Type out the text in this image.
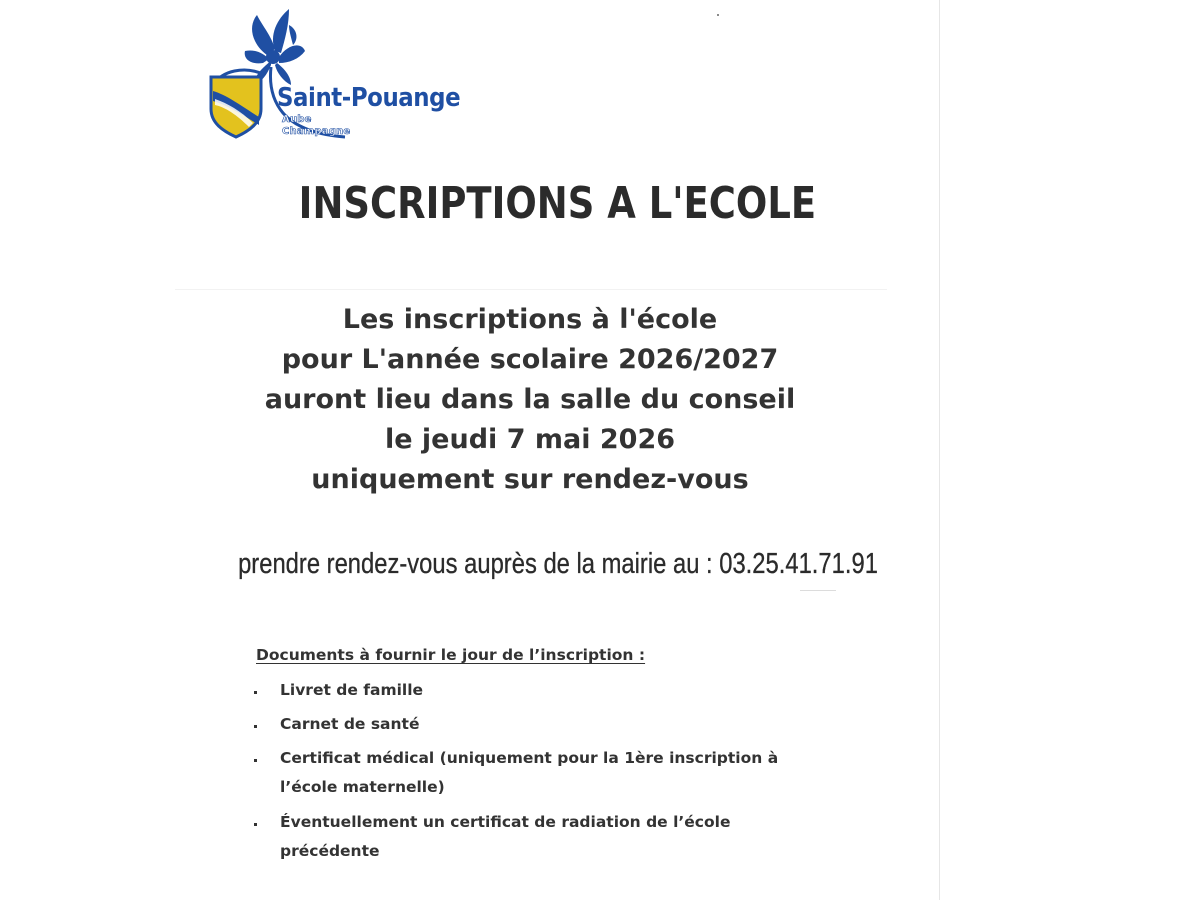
Saint-Pouange
Aube
Champagne
INSCRIPTIONS A L'ECOLE
Les inscriptions à l'école
pour L'année scolaire 2026/2027
auront lieu dans la salle du conseil
le jeudi 7 mai 2026
uniquement sur rendez-vous
prendre rendez-vous auprès de la mairie au : 03.25.41.71.91
Documents à fournir le jour de l’inscription :
Livret de famille
Carnet de santé
Certificat médical (uniquement pour la 1ère inscription à l’école maternelle)
Éventuellement un certificat de radiation de l’école précédente
